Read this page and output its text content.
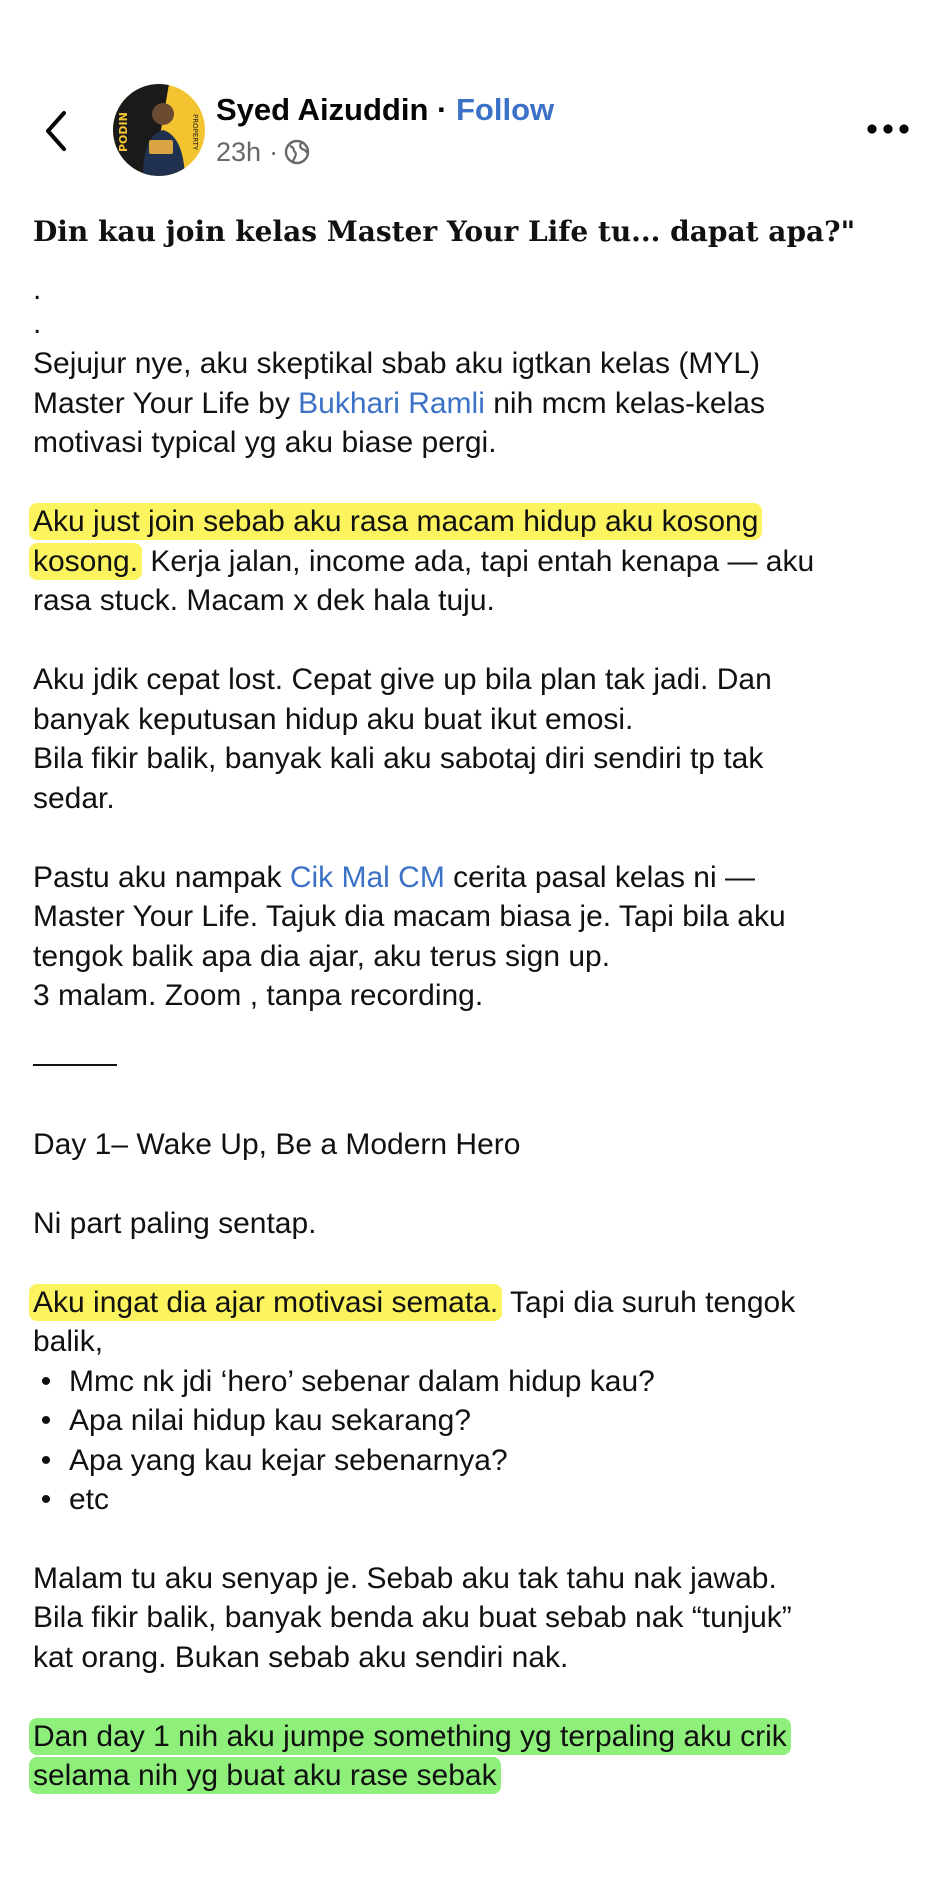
PODIN	PROPERTY
Syed Aizuddin · Follow
23h ·
Din kau join kelas Master Your Life tu... dapat apa?"
.
.
Sejujur nye, aku skeptikal sbab aku igtkan kelas (MYL)
Master Your Life by Bukhari Ramli nih mcm kelas-kelas
motivasi typical yg aku biase pergi.
Aku just join sebab aku rasa macam hidup aku kosong
kosong. Kerja jalan, income ada, tapi entah kenapa — aku
rasa stuck. Macam x dek hala tuju.
Aku jdik cepat lost. Cepat give up bila plan tak jadi. Dan
banyak keputusan hidup aku buat ikut emosi.
Bila fikir balik, banyak kali aku sabotaj diri sendiri tp tak
sedar.
Pastu aku nampak Cik Mal CM cerita pasal kelas ni —
Master Your Life. Tajuk dia macam biasa je. Tapi bila aku
tengok balik apa dia ajar, aku terus sign up.
3 malam. Zoom , tanpa recording.
Day 1– Wake Up, Be a Modern Hero
Ni part paling sentap.
Aku ingat dia ajar motivasi semata. Tapi dia suruh tengok
balik,
• Mmc nk jdi ‘hero’ sebenar dalam hidup kau?
• Apa nilai hidup kau sekarang?
• Apa yang kau kejar sebenarnya?
• etc
Malam tu aku senyap je. Sebab aku tak tahu nak jawab.
Bila fikir balik, banyak benda aku buat sebab nak “tunjuk”
kat orang. Bukan sebab aku sendiri nak.
Dan day 1 nih aku jumpe something yg terpaling aku crik
selama nih yg buat aku rase sebak
